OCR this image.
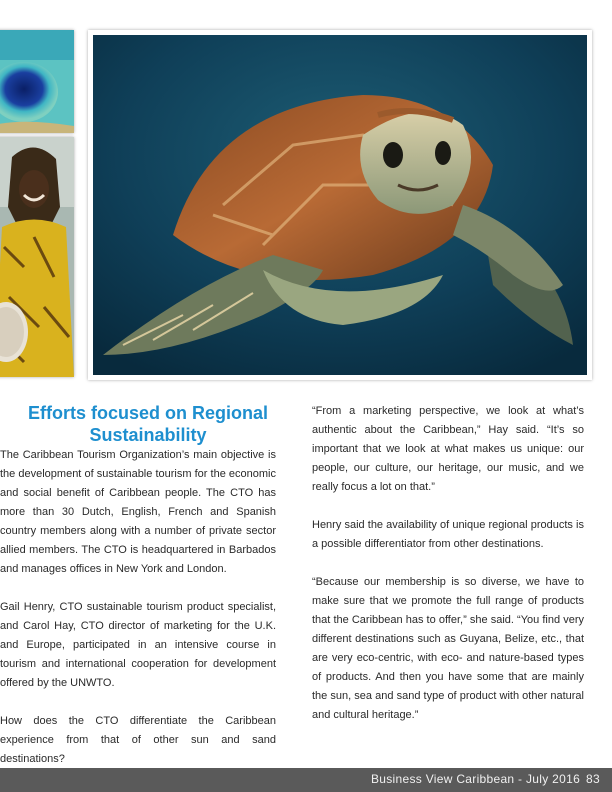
Efforts focused on Regional Sustainability

The Caribbean Tourism Organization’s main objective is the development of sustainable tourism for the economic and social benefit of Caribbean people. The CTO has more than 30 Dutch, English, French and Spanish country members along with a number of private sector allied members. The CTO is headquartered in Barbados and manages offices in New York and London.

Gail Henry, CTO sustainable tourism product specialist, and Carol Hay, CTO director of marketing for the U.K. and Europe, participated in an intensive course in tourism and international cooperation for development offered by the UNWTO.

How does the CTO differentiate the Caribbean experience from that of other sun and sand destinations?

“From a marketing perspective, we look at what’s authentic about the Caribbean,” Hay said. “It’s so important that we look at what makes us unique: our people, our culture, our heritage, our music, and we really focus a lot on that.”

Henry said the availability of unique regional products is a possible differentiator from other destinations.

“Because our membership is so diverse, we have to make sure that we promote the full range of products that the Caribbean has to offer,” she said. “You find very different destinations such as Guyana, Belize, etc., that are very eco-centric, with eco- and nature-based types of products. And then you have some that are mainly the sun, sea and sand type of product with other natural and cultural heritage.”

Business View Caribbean - July 2016 83
